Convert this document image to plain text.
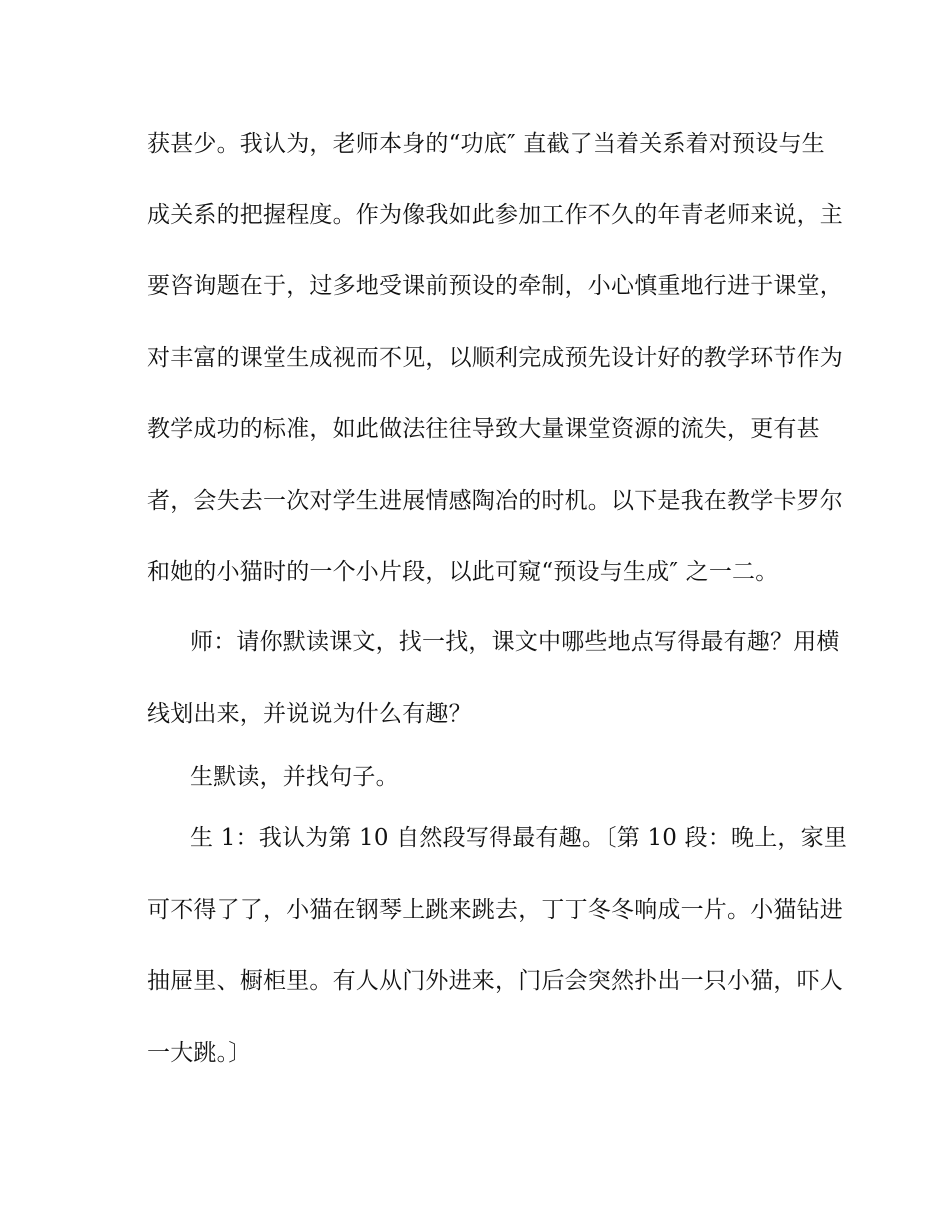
获甚少。我认为，老师本身的“功底″ 直截了当着关系着对预设与生
成关系的把握程度。作为像我如此参加工作不久的年青老师来说，主
要咨询题在于，过多地受课前预设的牵制，小心慎重地行进于课堂，
对丰富的课堂生成视而不见，以顺利完成预先设计好的教学环节作为
教学成功的标准，如此做法往往导致大量课堂资源的流失，更有甚
者，会失去一次对学生进展情感陶冶的时机。以下是我在教学卡罗尔
和她的小猫时的一个小片段，以此可窥“预设与生成″ 之一二。
师：请你默读课文，找一找，课文中哪些地点写得最有趣？用横
线划出来，并说说为什么有趣？
生默读，并找句子。
生 1：我认为第 10 自然段写得最有趣。〔第 10 段：晚上，家里
可不得了了，小猫在钢琴上跳来跳去，丁丁冬冬响成一片。小猫钻进
抽屉里、橱柜里。有人从门外进来，门后会突然扑出一只小猫，吓人
一大跳。〕
